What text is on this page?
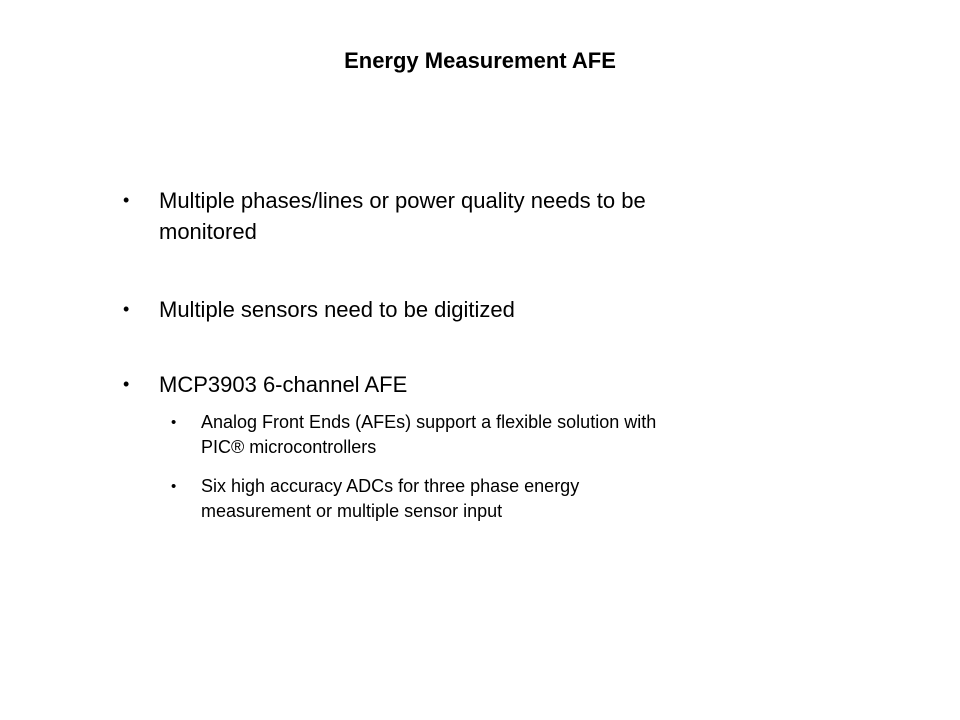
Energy Measurement AFE
• Multiple phases/lines or power quality needs to be
monitored
• Multiple sensors need to be digitized
• MCP3903 6-channel AFE
• Analog Front Ends (AFEs) support a flexible solution with
PIC® microcontrollers
• Six high accuracy ADCs for three phase energy
measurement or multiple sensor input
